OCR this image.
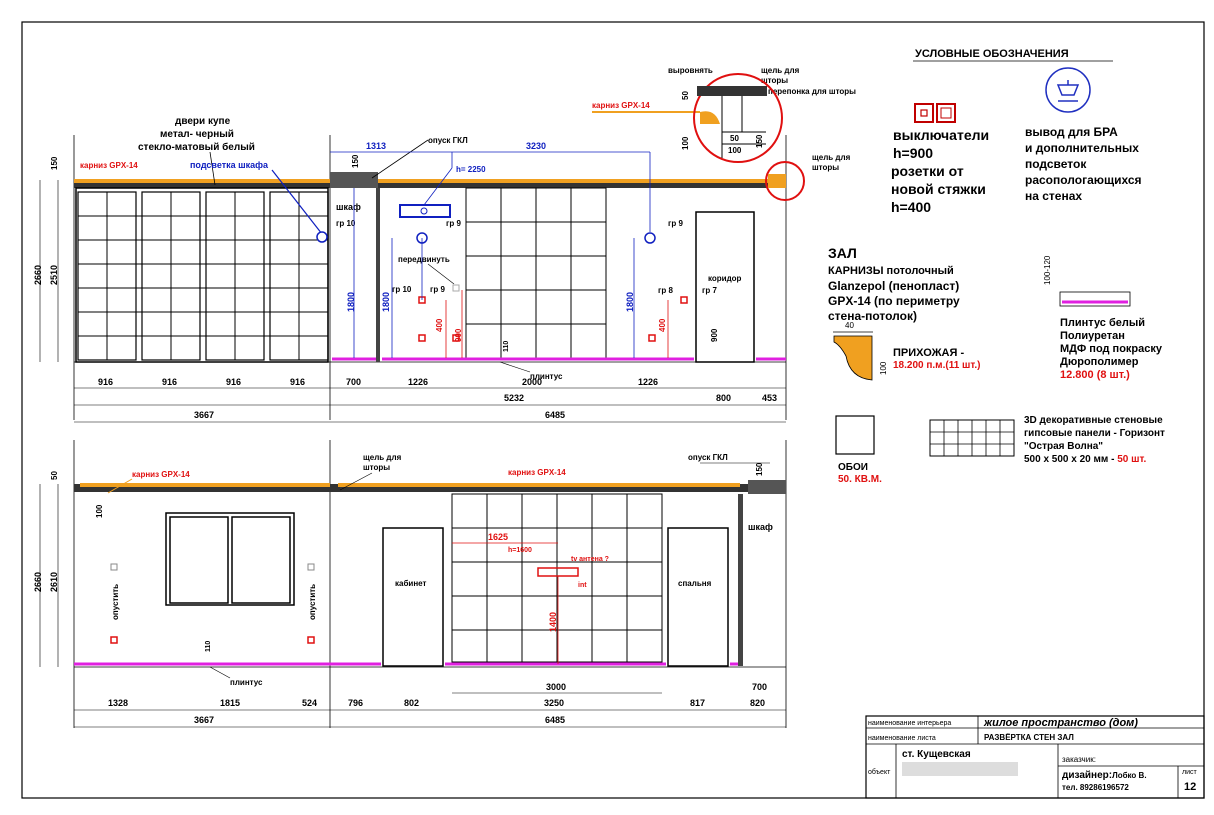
УСЛОВНЫЕ ОБОЗНАЧЕНИЯ
выключатели
h=900
розетки от
новой стяжки
h=400
вывод для БРА
и дополнительных
подсветок
расопологающихся
на стенах
выровнять	щель для
шторы
перепонка для шторы
карниз GPX-14
50
100
150
50
100
ЗАЛ
КАРНИЗЫ потолочный
Glanzepol (пенопласт)
GPX-14 (по периметру
стена-потолок)
40
100
ПРИХОЖАЯ -
18.200 п.м.(11 шт.)
100-120
Плинтус белый
Полиуретан
МДФ под покраску
Дюрополимер
12.800 (8 шт.)
ОБОИ
50. КВ.М.
3D декоративные стеновые
гипсовые панели - Горизонт
"Острая Волна"
500 х 500 х 20 мм - 50 шт.
коридор
щель для
шторы
двери купе
метал- черный
стекло-матовый белый
карниз GPX-14	подсветка шкафа
шкаф
гр 10
опуск ГКЛ
1313	3230
h= 2250
гр 9
передвинуть
гр 10 гр 9
400
900
1800
гр 9
гр 8	гр 7
1800
400
900
1800
150
110
плинтус
2660 2510
150
916	916	916	916	700	1226	2000	1226
800	453
3667
5232
6485
кабинет	спальня
шкаф
карниз GPX-14	карниз GPX-14
щель для
шторы
опуск ГКЛ
опустить	опустить
1625
h=1600
tv антена ?
int
1400
плинтус
110
2660 2610
50
100
150
1328	1815	524	796	802	3250	817	820
3000	700
3667	6485	наименование интерьера	жилое пространство (дом)
наименование листа	РАЗВЁРТКА СТЕН ЗАЛ
объект
ст. Кущевская	заказчик:
дизайнер:Лобко В.
тел. 89286196572
лист
12
